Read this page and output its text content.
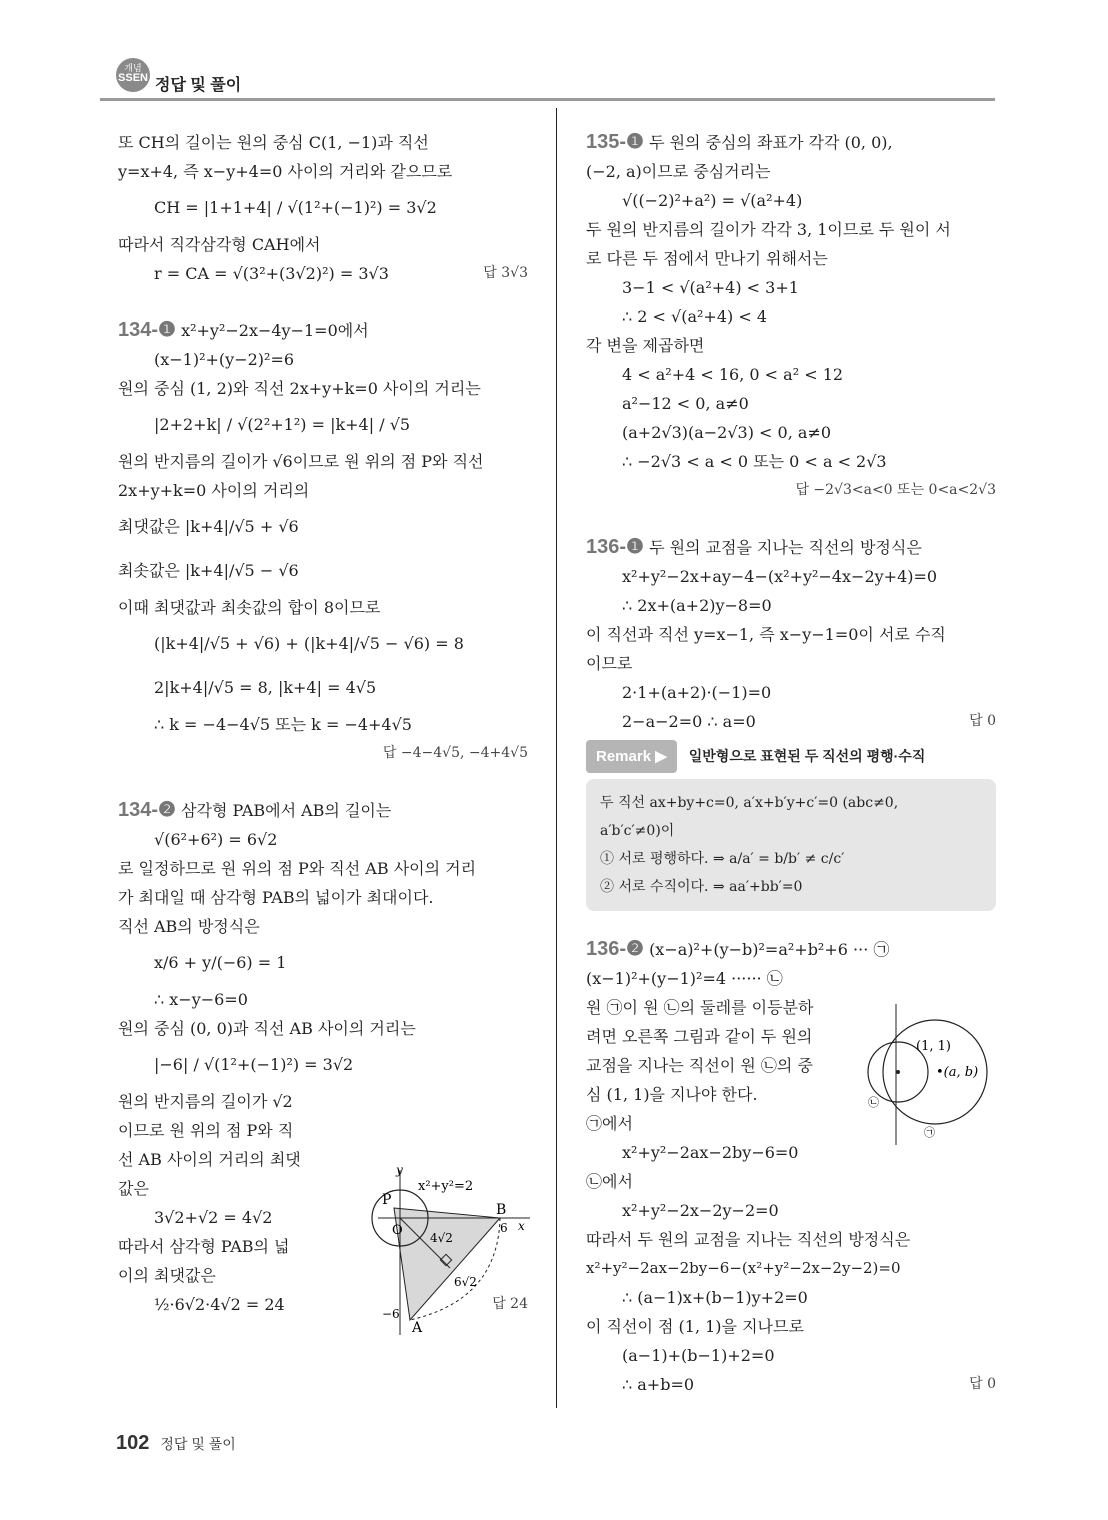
개념
SSEN 정답 및 풀이
또 CH의 길이는 원의 중심 C(1, −1)과 직선
y=x+4, 즉 x−y+4=0 사이의 거리와 같으므로
CH = |1+1+4| / √(1²+(−1)²) = 3√2
따라서 직각삼각형 CAH에서
r = CA = √(3²+(3√2)²) = 3√3	답 3√3
134-❶ x²+y²−2x−4y−1=0에서
(x−1)²+(y−2)²=6
원의 중심 (1, 2)와 직선 2x+y+k=0 사이의 거리는
|2+2+k| / √(2²+1²) = |k+4| / √5
원의 반지름의 길이가 √6이므로 원 위의 점 P와 직선
2x+y+k=0 사이의 거리의
최댓값은 |k+4|/√5 + √6
최솟값은 |k+4|/√5 − √6
이때 최댓값과 최솟값의 합이 8이므로
(|k+4|/√5 + √6) + (|k+4|/√5 − √6) = 8
2|k+4|/√5 = 8, |k+4| = 4√5
∴ k = −4−4√5 또는 k = −4+4√5
답 −4−4√5, −4+4√5
134-❷ 삼각형 PAB에서 AB의 길이는
√(6²+6²) = 6√2
로 일정하므로 원 위의 점 P와 직선 AB 사이의 거리
가 최대일 때 삼각형 PAB의 넓이가 최대이다.
직선 AB의 방정식은
x/6 + y/(−6) = 1
∴ x−y−6=0
원의 중심 (0, 0)과 직선 AB 사이의 거리는
|−6| / √(1²+(−1)²) = 3√2
원의 반지름의 길이가 √2
이므로 원 위의 점 P와 직
선 AB 사이의 거리의 최댓
값은
3√2+√2 = 4√2
따라서 삼각형 PAB의 넓
이의 최댓값은
½·6√2·4√2 = 24	답 24
x²+y²=2
y
x
P
O
B
6
A
−6
4√2
6√2
135-❶ 두 원의 중심의 좌표가 각각 (0, 0),
(−2, a)이므로 중심거리는
√((−2)²+a²) = √(a²+4)
두 원의 반지름의 길이가 각각 3, 1이므로 두 원이 서
로 다른 두 점에서 만나기 위해서는
3−1 < √(a²+4) < 3+1
∴ 2 < √(a²+4) < 4
각 변을 제곱하면
4 < a²+4 < 16, 0 < a² < 12
a²−12 < 0, a≠0
(a+2√3)(a−2√3) < 0, a≠0
∴ −2√3 < a < 0 또는 0 < a < 2√3
답 −2√3<a<0 또는 0<a<2√3
136-❶ 두 원의 교점을 지나는 직선의 방정식은
x²+y²−2x+ay−4−(x²+y²−4x−2y+4)=0
∴ 2x+(a+2)y−8=0
이 직선과 직선 y=x−1, 즉 x−y−1=0이 서로 수직
이므로
2·1+(a+2)·(−1)=0
2−a−2=0 ∴ a=0	답 0
Remark ▶	일반형으로 표현된 두 직선의 평행·수직
두 직선 ax+by+c=0, a′x+b′y+c′=0 (abc≠0,
a′b′c′≠0)이
① 서로 평행하다. ⇒ a/a′ = b/b′ ≠ c/c′
② 서로 수직이다. ⇒ aa′+bb′=0
136-❷ (x−a)²+(y−b)²=a²+b²+6 ··· ㉠
(x−1)²+(y−1)²=4 ······ ㉡
원 ㉠이 원 ㉡의 둘레를 이등분하
려면 오른쪽 그림과 같이 두 원의
교점을 지나는 직선이 원 ㉡의 중
심 (1, 1)을 지나야 한다.
㉠에서
x²+y²−2ax−2by−6=0
㉡에서
x²+y²−2x−2y−2=0
따라서 두 원의 교점을 지나는 직선의 방정식은
x²+y²−2ax−2by−6−(x²+y²−2x−2y−2)=0
∴ (a−1)x+(b−1)y+2=0
이 직선이 점 (1, 1)을 지나므로
(a−1)+(b−1)+2=0
∴ a+b=0	답 0
(1, 1)
•(a, b)
㉡
㉠
102 정답 및 풀이
